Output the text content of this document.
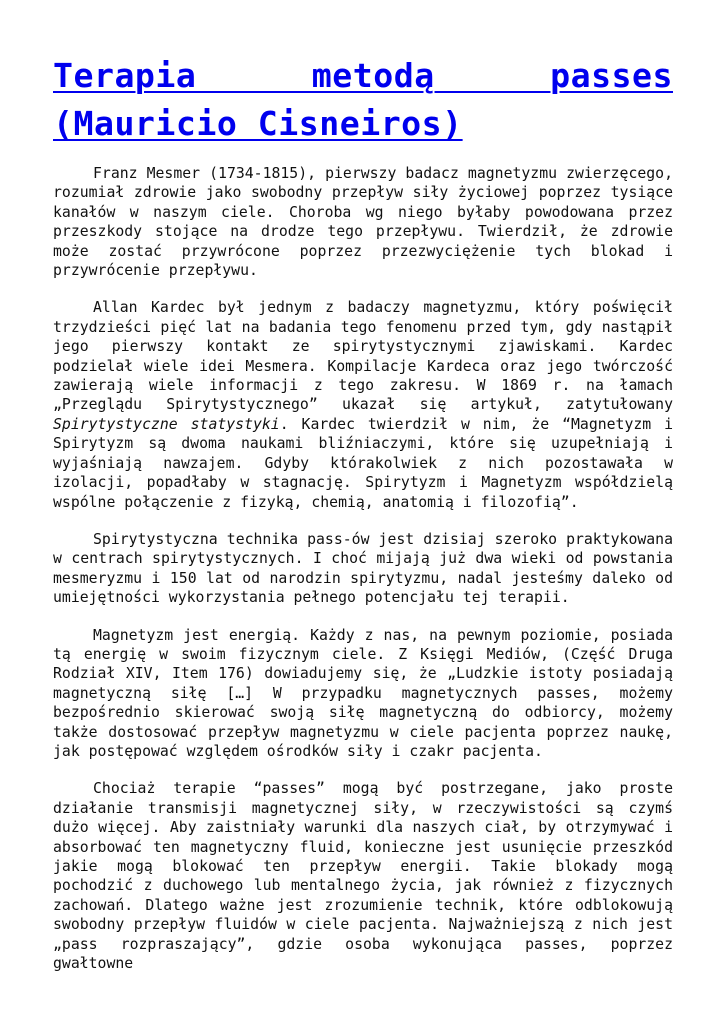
Terapia metodą passes (Mauricio Cisneiros)

Franz Mesmer (1734-1815), pierwszy badacz magnetyzmu zwierzęcego, rozumiał zdrowie jako swobodny przepływ siły życiowej poprzez tysiące kanałów w naszym ciele. Choroba wg niego byłaby powodowana przez przeszkody stojące na drodze tego przepływu. Twierdził, że zdrowie może zostać przywrócone poprzez przezwyciężenie tych blokad i przywrócenie przepływu.

Allan Kardec był jednym z badaczy magnetyzmu, który poświęcił trzydzieści pięć lat na badania tego fenomenu przed tym, gdy nastąpił jego pierwszy kontakt ze spirytystycznymi zjawiskami. Kardec podzielał wiele idei Mesmera. Kompilacje Kardeca oraz jego twórczość zawierają wiele informacji z tego zakresu. W 1869 r. na łamach „Przeglądu Spirytystycznego” ukazał się artykuł, zatytułowany Spirytystyczne statystyki. Kardec twierdził w nim, że “Magnetyzm i Spirytyzm są dwoma naukami bliźniaczymi, które się uzupełniają i wyjaśniają nawzajem. Gdyby którakolwiek z nich pozostawała w izolacji, popadłaby w stagnację. Spirytyzm i Magnetyzm współdzielą wspólne połączenie z fizyką, chemią, anatomią i filozofią”.

Spirytystyczna technika pass-ów jest dzisiaj szeroko praktykowana w centrach spirytystycznych. I choć mijają już dwa wieki od powstania mesmeryzmu i 150 lat od narodzin spirytyzmu, nadal jesteśmy daleko od umiejętności wykorzystania pełnego potencjału tej terapii.

Magnetyzm jest energią. Każdy z nas, na pewnym poziomie, posiada tą energię w swoim fizycznym ciele. Z Księgi Mediów, (Część Druga Rodział XIV, Item 176) dowiadujemy się, że „Ludzkie istoty posiadają magnetyczną siłę […] W przypadku magnetycznych passes, możemy bezpośrednio skierować swoją siłę magnetyczną do odbiorcy, możemy także dostosować przepływ magnetyzmu w ciele pacjenta poprzez naukę, jak postępować względem ośrodków siły i czakr pacjenta.

Chociaż terapie “passes” mogą być postrzegane, jako proste działanie transmisji magnetycznej siły, w rzeczywistości są czymś dużo więcej. Aby zaistniały warunki dla naszych ciał, by otrzymywać i absorbować ten magnetyczny fluid, konieczne jest usunięcie przeszkód jakie mogą blokować ten przepływ energii. Takie blokady mogą pochodzić z duchowego lub mentalnego życia, jak również z fizycznych zachowań. Dlatego ważne jest zrozumienie technik, które odblokowują swobodny przepływ fluidów w ciele pacjenta. Najważniejszą z nich jest „pass rozpraszający”, gdzie osoba wykonująca passes, poprzez gwałtowne
